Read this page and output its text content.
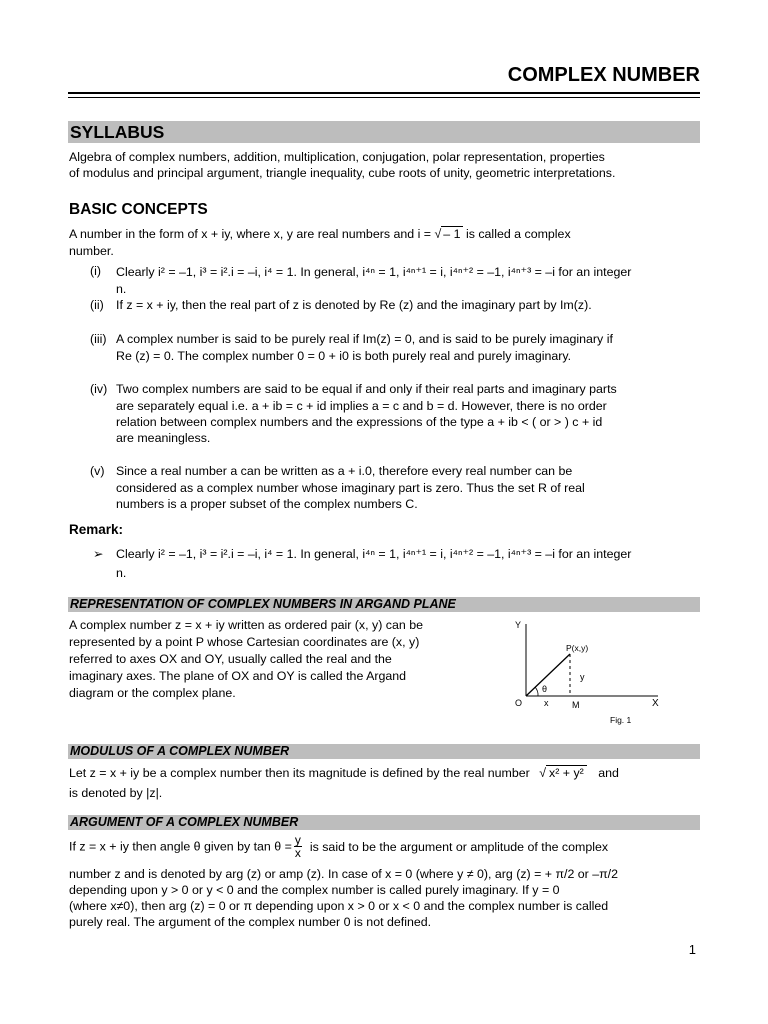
COMPLEX NUMBER
SYLLABUS
Algebra of complex numbers, addition, multiplication, conjugation, polar representation, properties
of modulus and principal argument, triangle inequality, cube roots of unity, geometric interpretations.
BASIC CONCEPTS
A number in the form of x + iy, where x, y are real numbers and i = √ – 1 is called a complex
number.
(i) Clearly i² = –1, i³ = i².i = –i, i⁴ = 1. In general, i⁴ⁿ = 1, i⁴ⁿ⁺¹ = i, i⁴ⁿ⁺² = –1, i⁴ⁿ⁺³ = –i for an integer
n.
(ii) If z = x + iy, then the real part of z is denoted by Re (z) and the imaginary part by Im(z).
(iii) A complex number is said to be purely real if Im(z) = 0, and is said to be purely imaginary if
Re (z) = 0. The complex number 0 = 0 + i0 is both purely real and purely imaginary.
(iv) Two complex numbers are said to be equal if and only if their real parts and imaginary parts
are separately equal i.e. a + ib = c + id implies a = c and b = d. However, there is no order
relation between complex numbers and the expressions of the type a + ib < ( or > ) c + id
are meaningless.
(v) Since a real number a can be written as a + i.0, therefore every real number can be
considered as a complex number whose imaginary part is zero. Thus the set R of real
numbers is a proper subset of the complex numbers C.
Remark:
➢ Clearly i² = –1, i³ = i².i = –i, i⁴ = 1. In general, i⁴ⁿ = 1, i⁴ⁿ⁺¹ = i, i⁴ⁿ⁺² = –1, i⁴ⁿ⁺³ = –i for an integer
n.
REPRESENTATION OF COMPLEX NUMBERS IN ARGAND PLANE
A complex number z = x + iy written as ordered pair (x, y) can be
represented by a point P whose Cartesian coordinates are (x, y)
referred to axes OX and OY, usually called the real and the
imaginary axes. The plane of OX and OY is called the Argand
diagram or the complex plane.
Y
X
O
P(x,y)
x
y
M
θ
Fig. 1
MODULUS OF A COMPLEX NUMBER
Let z = x + iy be a complex number then its magnitude is defined by the real number √ x² + y² and
is denoted by |z|.
ARGUMENT OF A COMPLEX NUMBER
If z = x + iy then angle θ given by $\tan \theta = \frac{y}{x}$ is said to be the argument or amplitude of the complex
number z and is denoted by arg (z) or amp (z). In case of x = 0 (where y ≠ 0), arg (z) = + π/2 or –π/2
depending upon y > 0 or y < 0 and the complex number is called purely imaginary. If y = 0
(where x≠0), then arg (z) = 0 or π depending upon x > 0 or x < 0 and the complex number is called
purely real. The argument of the complex number 0 is not defined.
1
